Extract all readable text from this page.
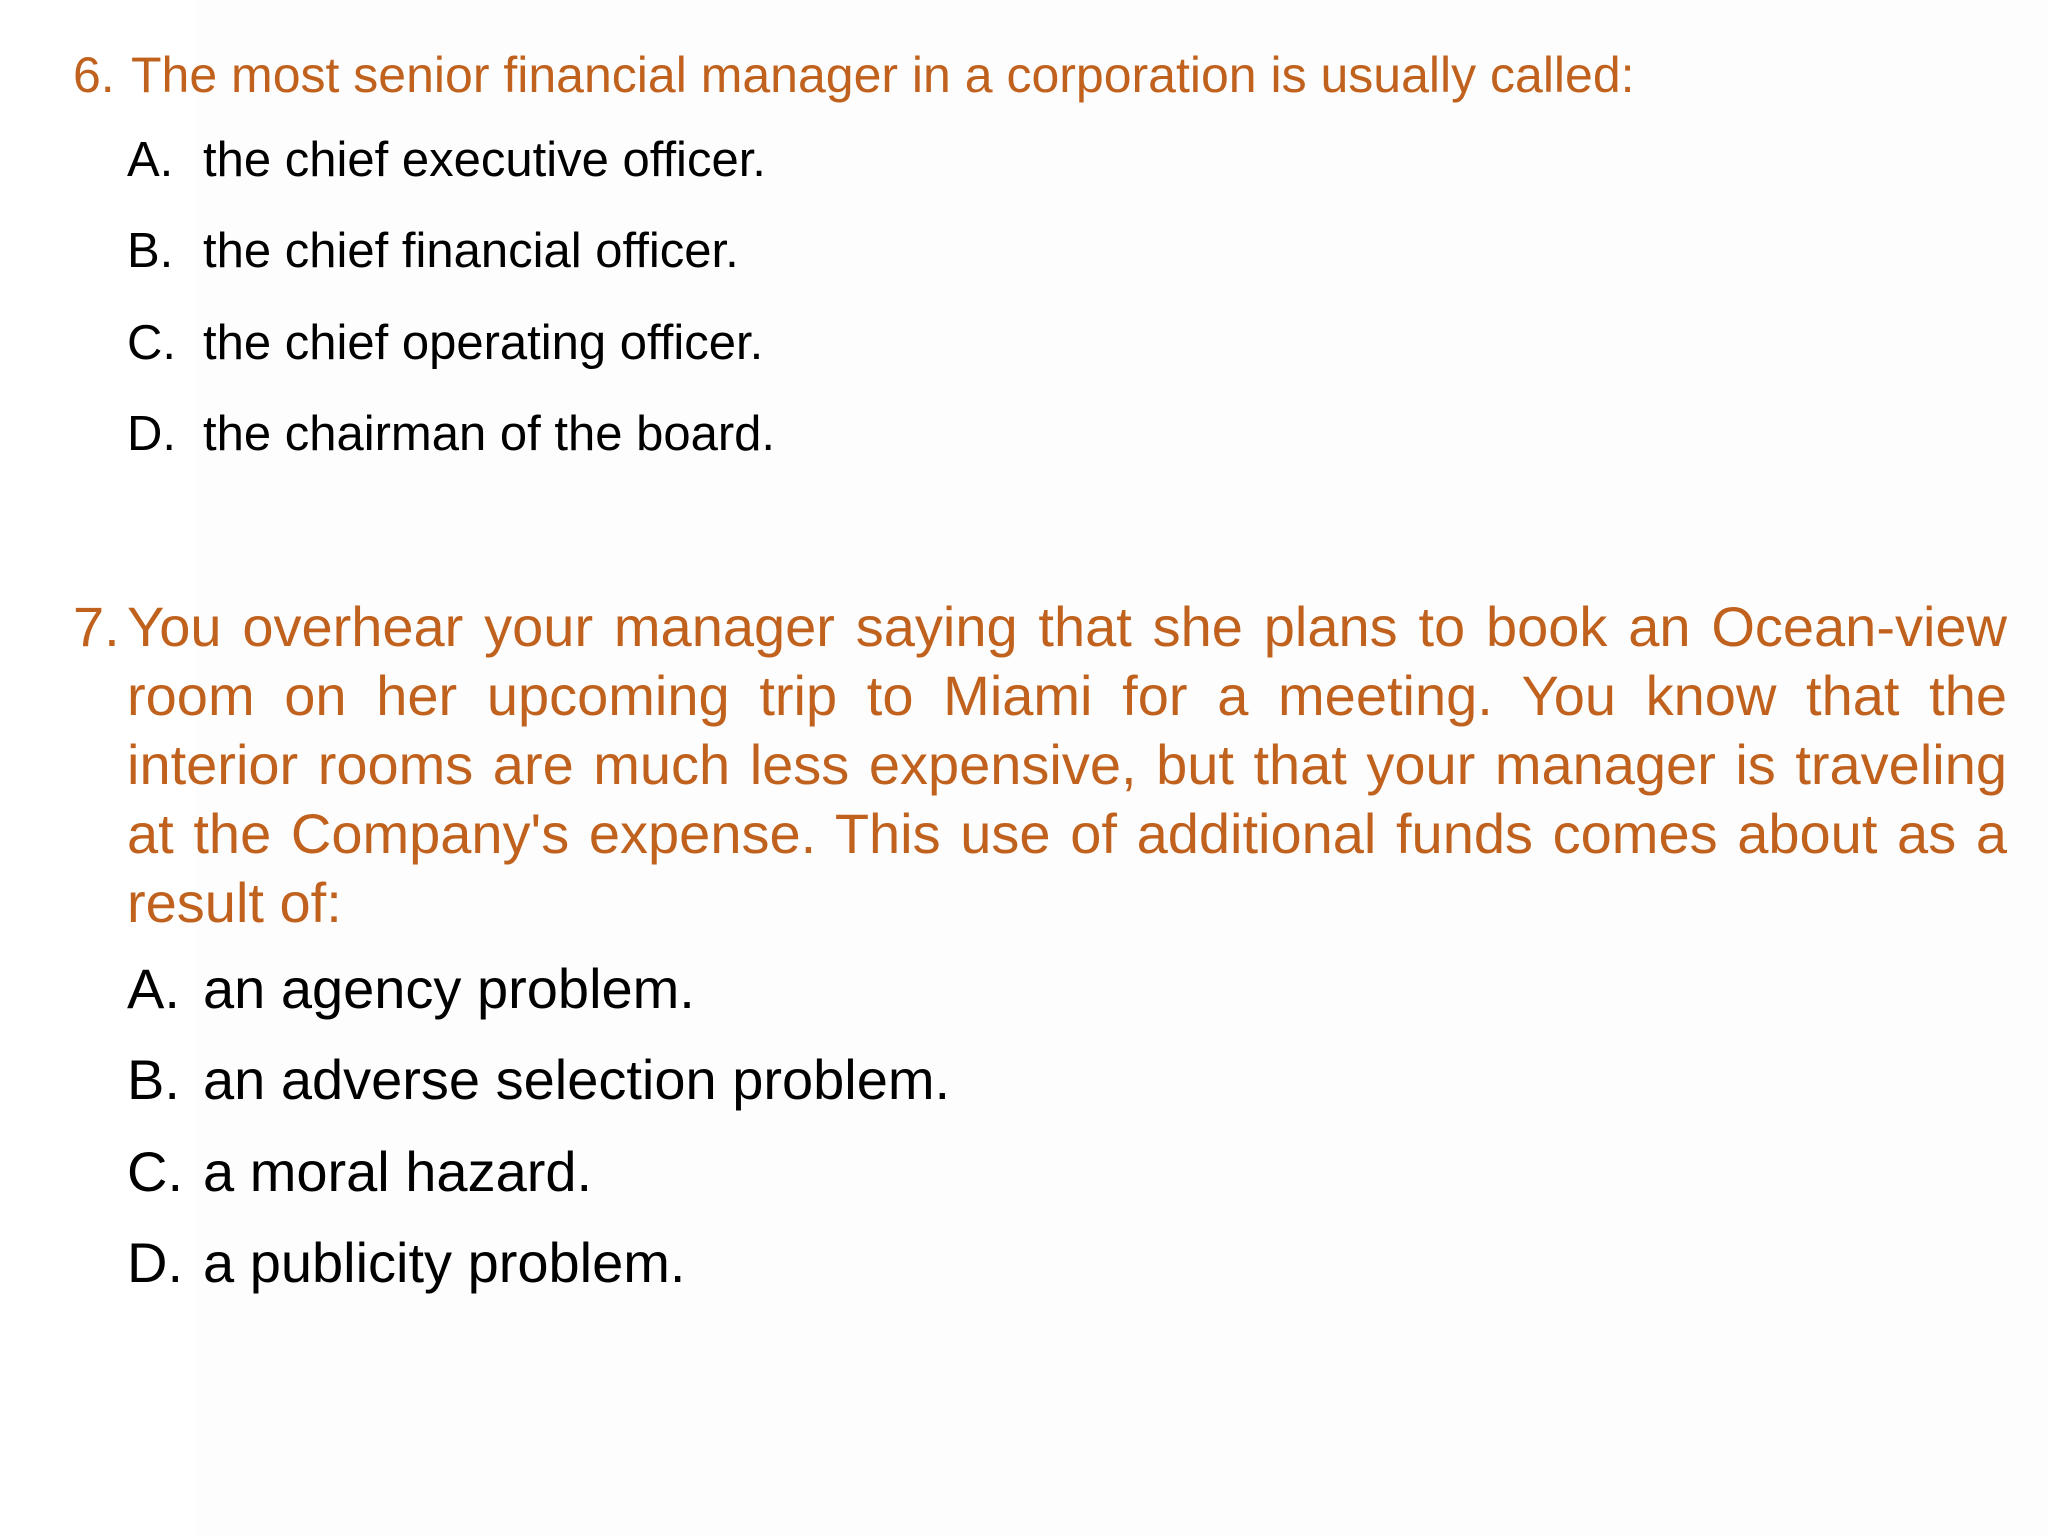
6. The most senior financial manager in a corporation is usually called:
A. the chief executive officer.
B. the chief financial officer.
C. the chief operating officer.
D. the chairman of the board.
7. You overhear your manager saying that she plans to book an Ocean-view room on her upcoming trip to Miami for a meeting. You know that the interior rooms are much less expensive, but that your manager is traveling at the Company's expense. This use of additional funds comes about as a result of:
A. an agency problem.
B. an adverse selection problem.
C. a moral hazard.
D. a publicity problem.
